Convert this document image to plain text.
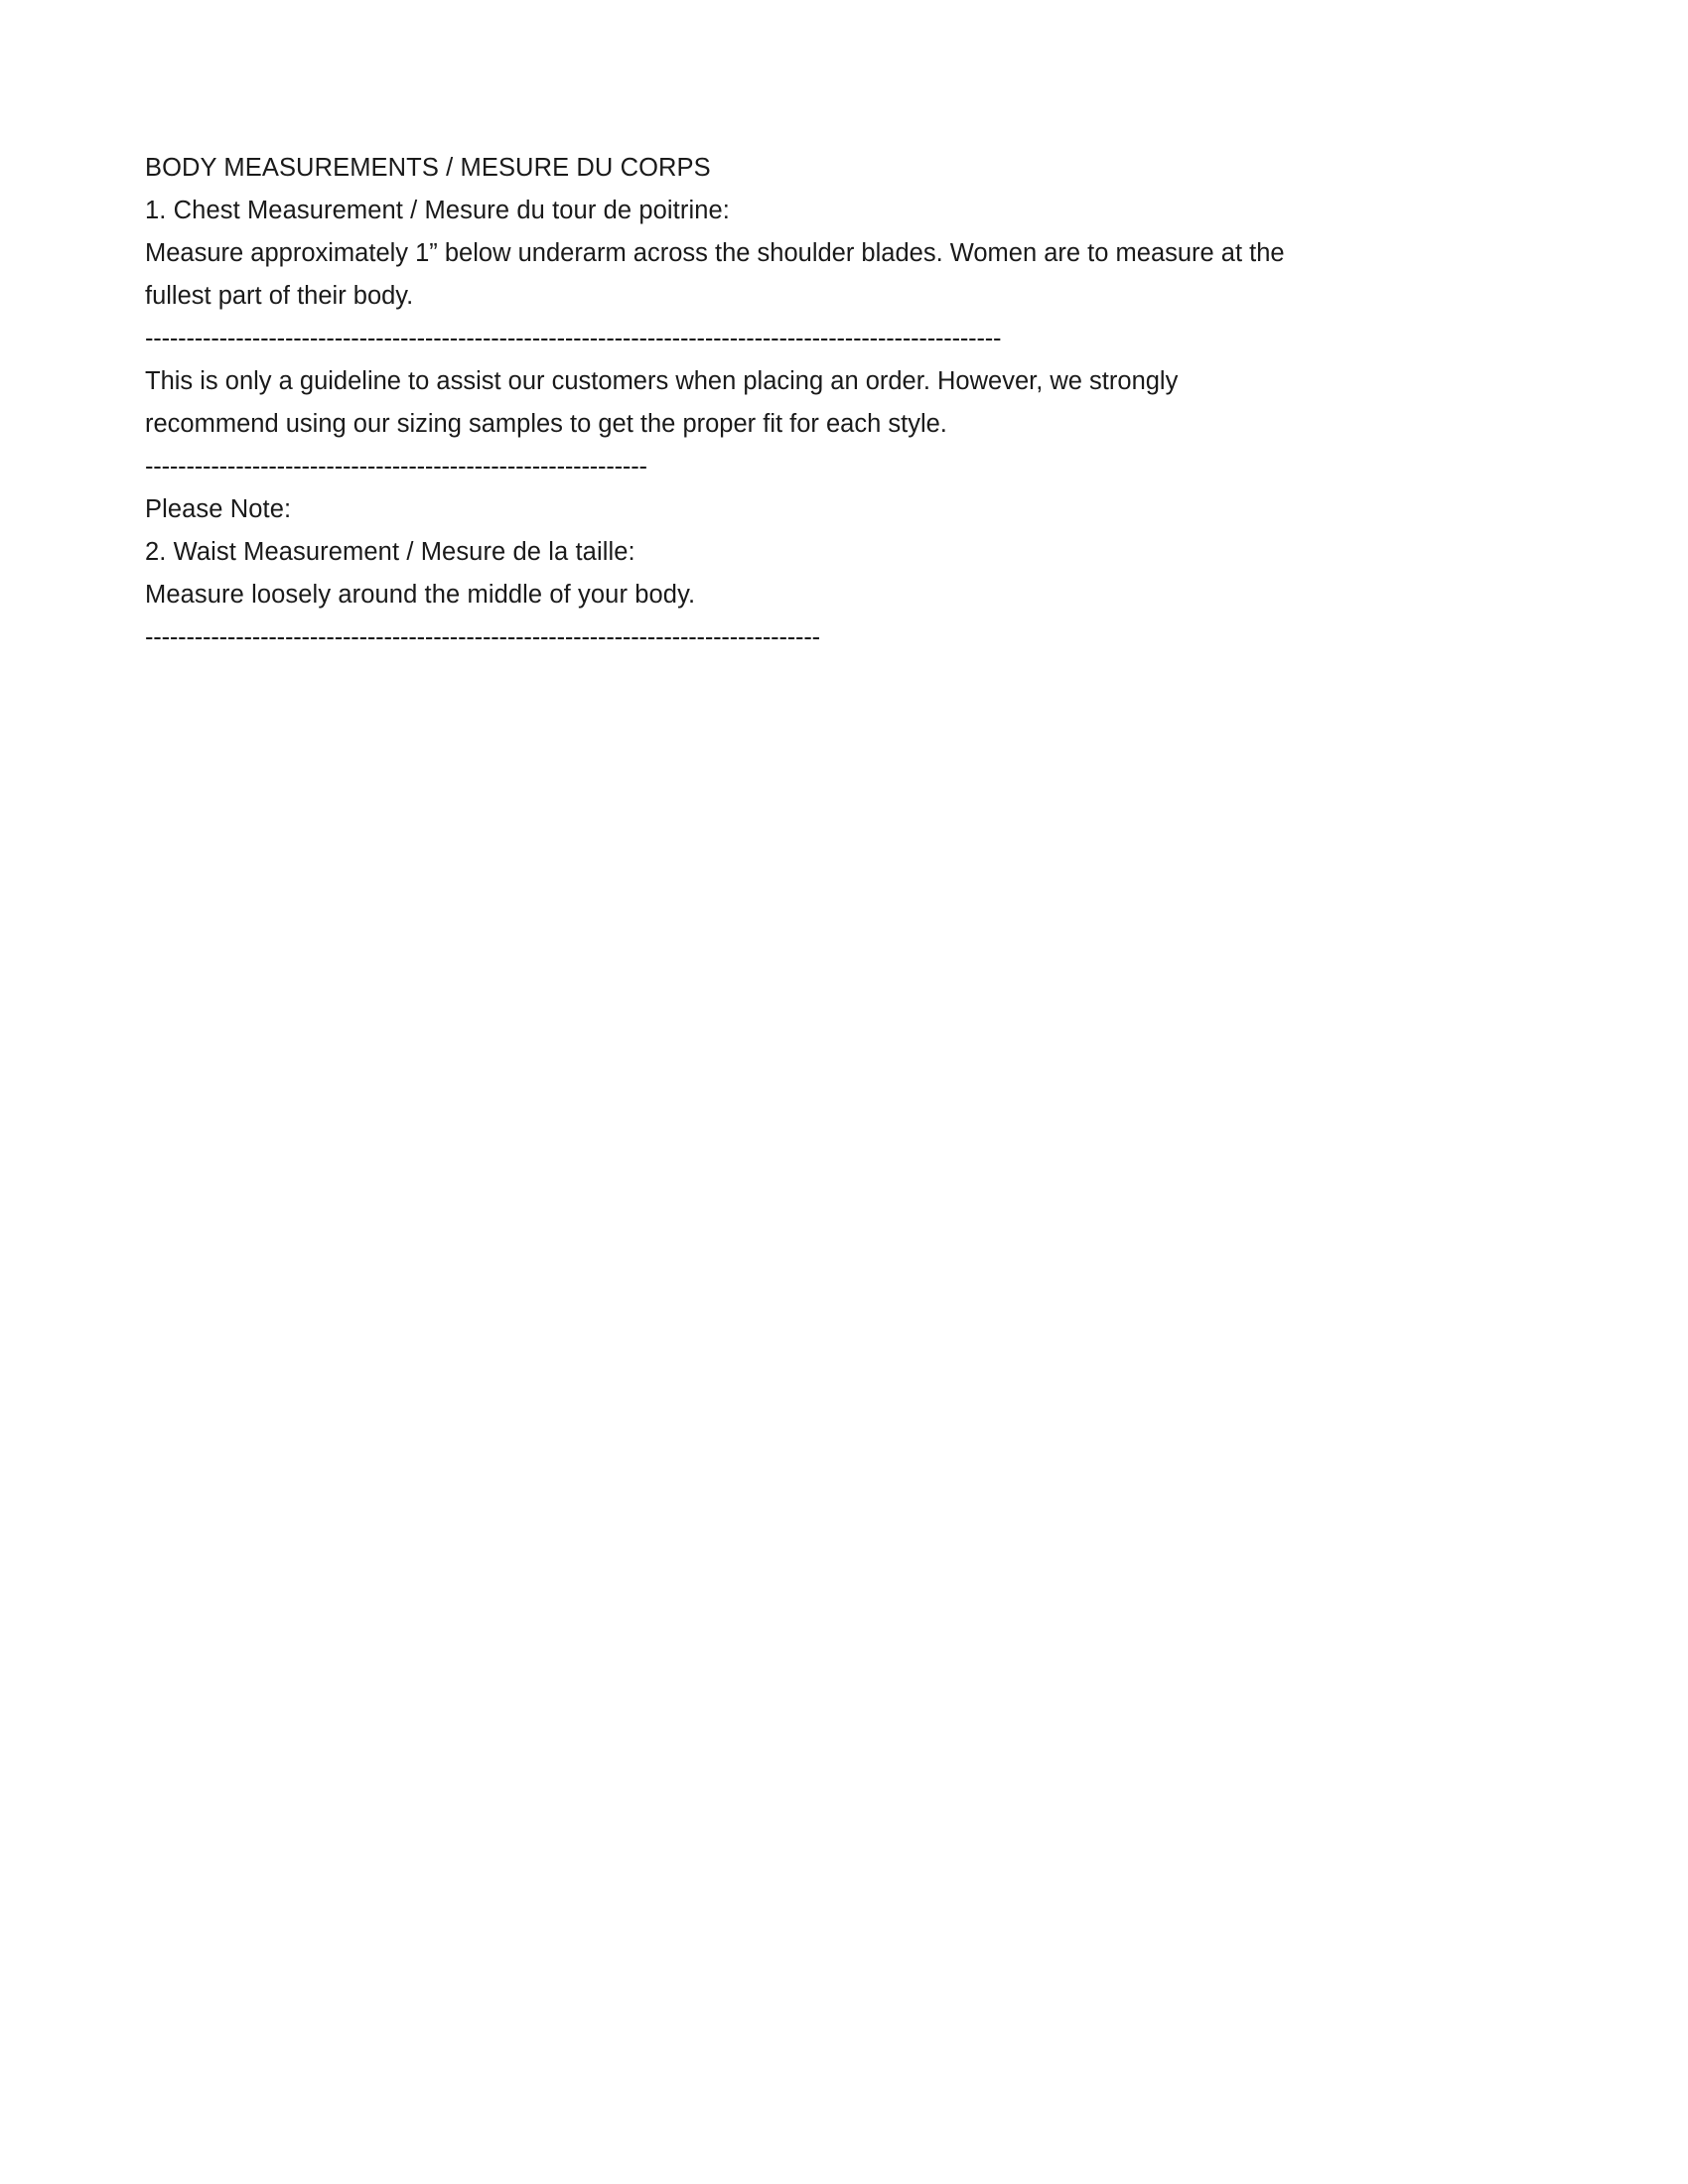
BODY MEASUREMENTS / MESURE DU CORPS
1. Chest Measurement / Mesure du tour de poitrine:
Measure approximately 1” below underarm across the shoulder blades. Women are to measure at the fullest part of their body.
--------------------------------------------------------------------------------------------------------
This is only a guideline to assist our customers when placing an order. However, we strongly recommend using our sizing samples to get the proper fit for each style.
-------------------------------------------------------------
Please Note:
2. Waist Measurement / Mesure de la taille:
Measure loosely around the middle of your body.
----------------------------------------------------------------------------------
